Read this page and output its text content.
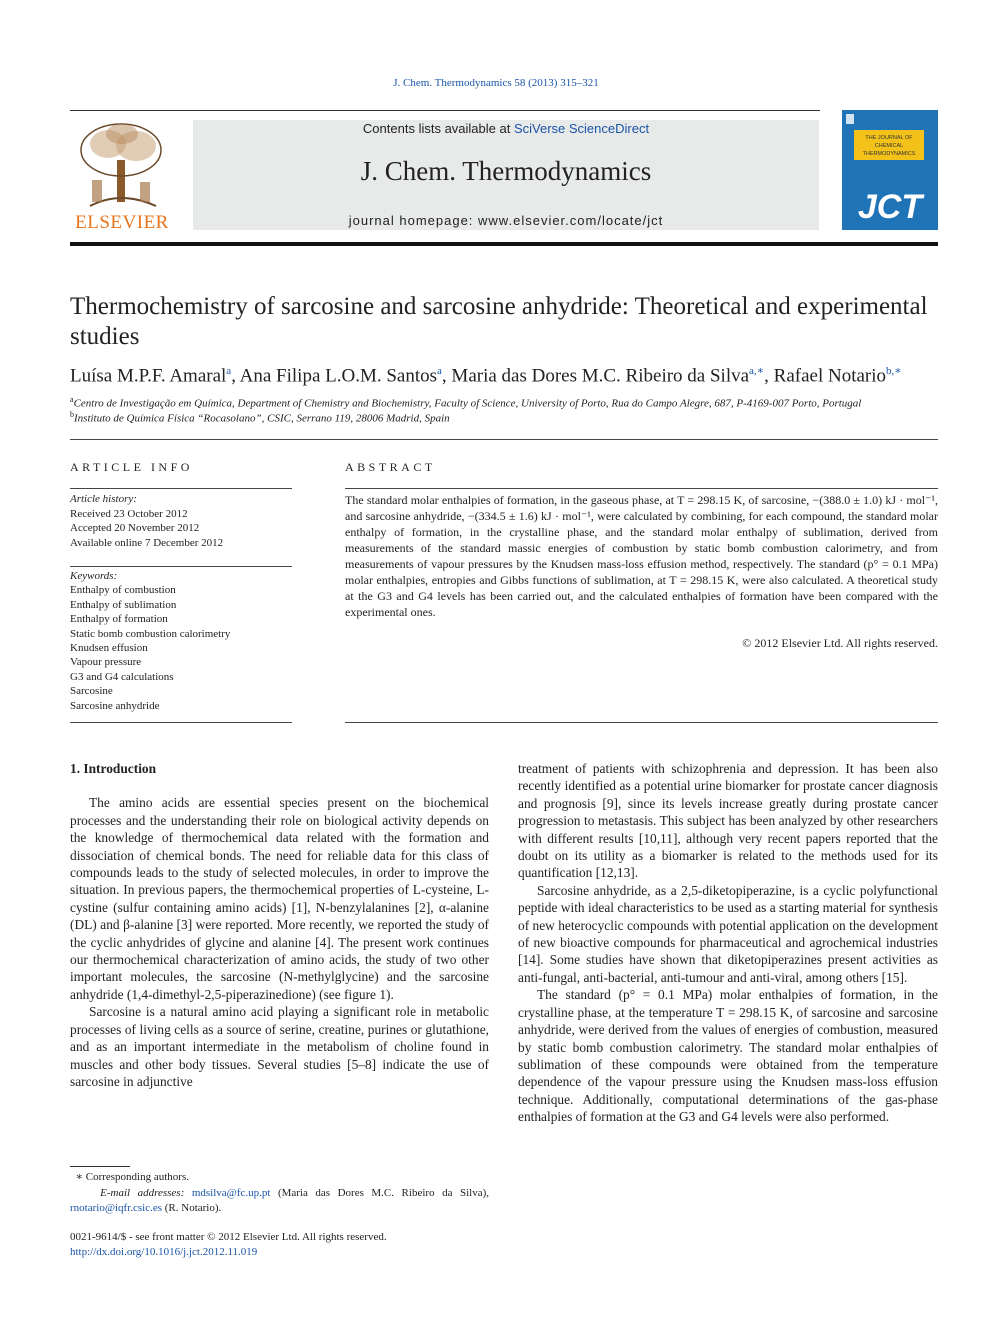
J. Chem. Thermodynamics 58 (2013) 315–321
ELSEVIER
Contents lists available at SciVerse ScienceDirect
J. Chem. Thermodynamics
journal homepage: www.elsevier.com/locate/jct
THE JOURNAL OF
CHEMICAL
THERMODYNAMICS
JCT
Thermochemistry of sarcosine and sarcosine anhydride: Theoretical and experimental studies
Luísa M.P.F. Amaral$^a$, Ana Filipa L.O.M. Santos$^a$, Maria das Dores M.C. Ribeiro da Silva$^{a,∗}$, Rafael Notario$^{b,∗}$
$^a$Centro de Investigação em Química, Department of Chemistry and Biochemistry, Faculty of Science, University of Porto, Rua do Campo Alegre, 687, P-4169-007 Porto, Portugal
$^b$Instituto de Química Física “Rocasolano”, CSIC, Serrano 119, 28006 Madrid, Spain
ARTICLE INFO
Article history:
Received 23 October 2012
Accepted 20 November 2012
Available online 7 December 2012
Keywords:
Enthalpy of combustion
Enthalpy of sublimation
Enthalpy of formation
Static bomb combustion calorimetry
Knudsen effusion
Vapour pressure
G3 and G4 calculations
Sarcosine
Sarcosine anhydride
ABSTRACT
The standard molar enthalpies of formation, in the gaseous phase, at T = 298.15 K, of sarcosine, −(388.0 ± 1.0) kJ · mol⁻¹, and sarcosine anhydride, −(334.5 ± 1.6) kJ · mol⁻¹, were calculated by combining, for each compound, the standard molar enthalpy of formation, in the crystalline phase, and the standard molar enthalpy of sublimation, derived from measurements of the standard massic energies of combustion by static bomb combustion calorimetry, and from measurements of vapour pressures by the Knudsen mass-loss effusion method, respectively. The standard (p° = 0.1 MPa) molar enthalpies, entropies and Gibbs functions of sublimation, at T = 298.15 K, were also calculated. A theoretical study at the G3 and G4 levels has been carried out, and the calculated enthalpies of formation have been compared with the experimental ones.
© 2012 Elsevier Ltd. All rights reserved.

1. Introduction

The amino acids are essential species present on the biochemical processes and the understanding their role on biological activity depends on the knowledge of thermochemical data related with the formation and dissociation of chemical bonds. The need for reliable data for this class of compounds leads to the study of selected molecules, in order to improve the situation. In previous papers, the thermochemical properties of L-cysteine, L-cystine (sulfur containing amino acids) [1], N-benzylalanines [2], α-alanine (DL) and β-alanine [3] were reported. More recently, we reported the study of the cyclic anhydrides of glycine and alanine [4]. The present work continues our thermochemical characterization of amino acids, the study of two other important molecules, the sarcosine (N-methylglycine) and the sarcosine anhydride (1,4-dimethyl-2,5-piperazinedione) (see figure 1).

Sarcosine is a natural amino acid playing a significant role in metabolic processes of living cells as a source of serine, creatine, purines or glutathione, and as an important intermediate in the metabolism of choline found in muscles and other body tissues. Several studies [5–8] indicate the use of sarcosine in adjunctive

treatment of patients with schizophrenia and depression. It has been also recently identified as a potential urine biomarker for prostate cancer diagnosis and prognosis [9], since its levels increase greatly during prostate cancer progression to metastasis. This subject has been analyzed by other researchers with different results [10,11], although very recent papers reported that the doubt on its utility as a biomarker is related to the methods used for its quantification [12,13].

Sarcosine anhydride, as a 2,5-diketopiperazine, is a cyclic polyfunctional peptide with ideal characteristics to be used as a starting material for synthesis of new heterocyclic compounds with potential application on the development of new bioactive compounds for pharmaceutical and agrochemical industries [14]. Some studies have shown that diketopiperazines present activities as anti-fungal, anti-bacterial, anti-tumour and anti-viral, among others [15].

The standard (p° = 0.1 MPa) molar enthalpies of formation, in the crystalline phase, at the temperature T = 298.15 K, of sarcosine and sarcosine anhydride, were derived from the values of energies of combustion, measured by static bomb combustion calorimetry. The standard molar enthalpies of sublimation of these compounds were obtained from the temperature dependence of the vapour pressure using the Knudsen mass-loss effusion technique. Additionally, computational determinations of the gas-phase enthalpies of formation at the G3 and G4 levels were also performed.

∗ Corresponding authors.
E-mail addresses: mdsilva@fc.up.pt (Maria das Dores M.C. Ribeiro da Silva), rnotario@iqfr.csic.es (R. Notario).
0021-9614/$ - see front matter © 2012 Elsevier Ltd. All rights reserved.
http://dx.doi.org/10.1016/j.jct.2012.11.019
